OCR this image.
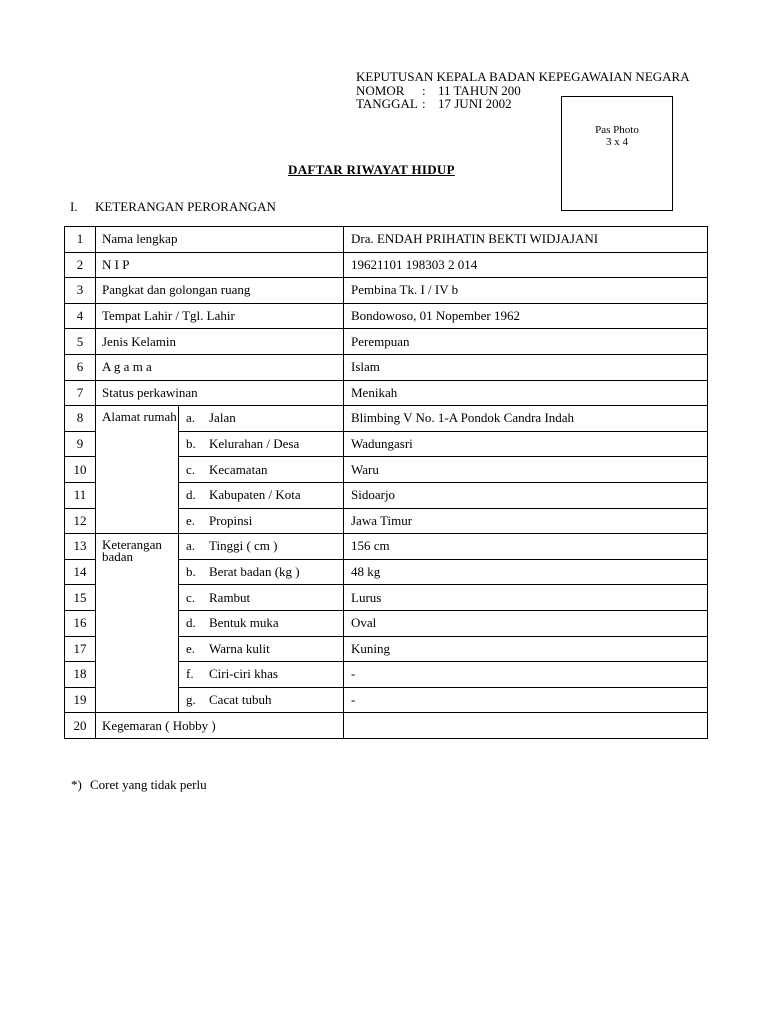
KEPUTUSAN KEPALA BADAN KEPEGAWAIAN NEGARA
NOMOR : 11 TAHUN 200
TANGGAL : 17 JUNI 2002
Pas Photo
3 x 4
DAFTAR RIWAYAT HIDUP
I. KETERANGAN PERORANGAN
1	Nama lengkap		Dra. ENDAH PRIHATIN BEKTI WIDJAJANI
2	N I P		19621101 198303 2 014
3	Pangkat dan golongan ruang		Pembina Tk. I / IV b
4	Tempat Lahir / Tgl. Lahir		Bondowoso, 01 Nopember 1962
5	Jenis Kelamin		Perempuan
6	A g a m a		Islam
7	Status perkawinan		Menikah
8	Alamat rumah	a. Jalan	Blimbing V No. 1-A Pondok Candra Indah
9		b. Kelurahan / Desa	Wadungasri
10		c. Kecamatan	Waru
11		d. Kabupaten / Kota	Sidoarjo
12		e. Propinsi	Jawa Timur
13	Keterangan badan	a. Tinggi ( cm )	156 cm
14		b. Berat badan (kg )	48 kg
15		c. Rambut	Lurus
16		d. Bentuk muka	Oval
17		e. Warna kulit	Kuning
18		f. Ciri-ciri khas	-
19		g. Cacat tubuh	-
20	Kegemaran ( Hobby )		
*) Coret yang tidak perlu
